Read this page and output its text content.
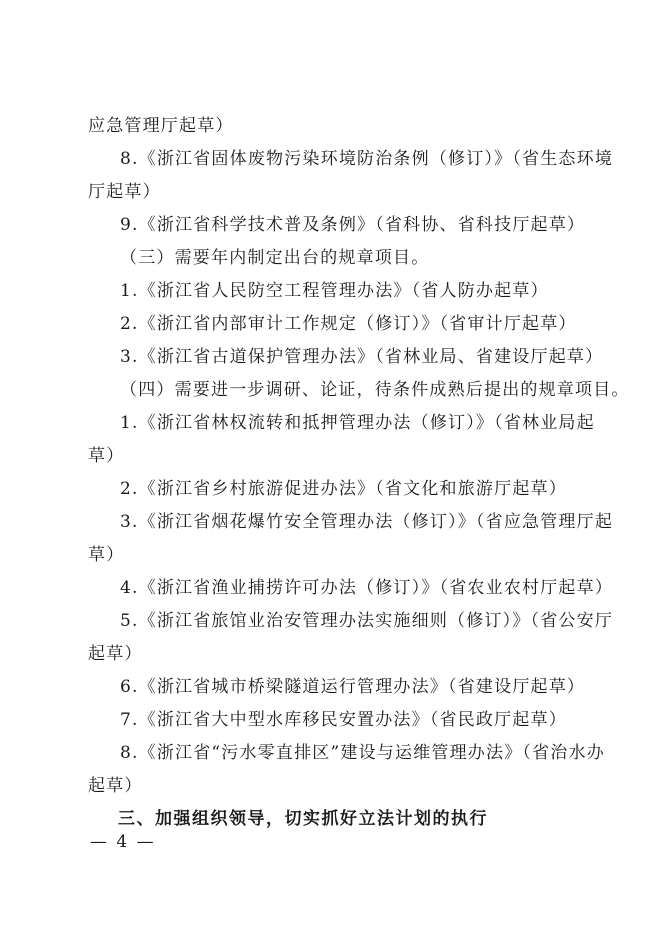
应急管理厅起草）
8.《浙江省固体废物污染环境防治条例（修订）》（省生态环境
厅起草）
9.《浙江省科学技术普及条例》（省科协、省科技厅起草）
（三）需要年内制定出台的规章项目。
1.《浙江省人民防空工程管理办法》（省人防办起草）
2.《浙江省内部审计工作规定（修订）》（省审计厅起草）
3.《浙江省古道保护管理办法》（省林业局、省建设厅起草）
（四）需要进一步调研、论证，待条件成熟后提出的规章项目。
1.《浙江省林权流转和抵押管理办法（修订）》（省林业局起
草）
2.《浙江省乡村旅游促进办法》（省文化和旅游厅起草）
3.《浙江省烟花爆竹安全管理办法（修订）》（省应急管理厅起
草）
4.《浙江省渔业捕捞许可办法（修订）》（省农业农村厅起草）
5.《浙江省旅馆业治安管理办法实施细则（修订）》（省公安厅
起草）
6.《浙江省城市桥梁隧道运行管理办法》（省建设厅起草）
7.《浙江省大中型水库移民安置办法》（省民政厅起草）
8.《浙江省“污水零直排区”建设与运维管理办法》（省治水办
起草）
三、加强组织领导，切实抓好立法计划的执行
— 4 —
